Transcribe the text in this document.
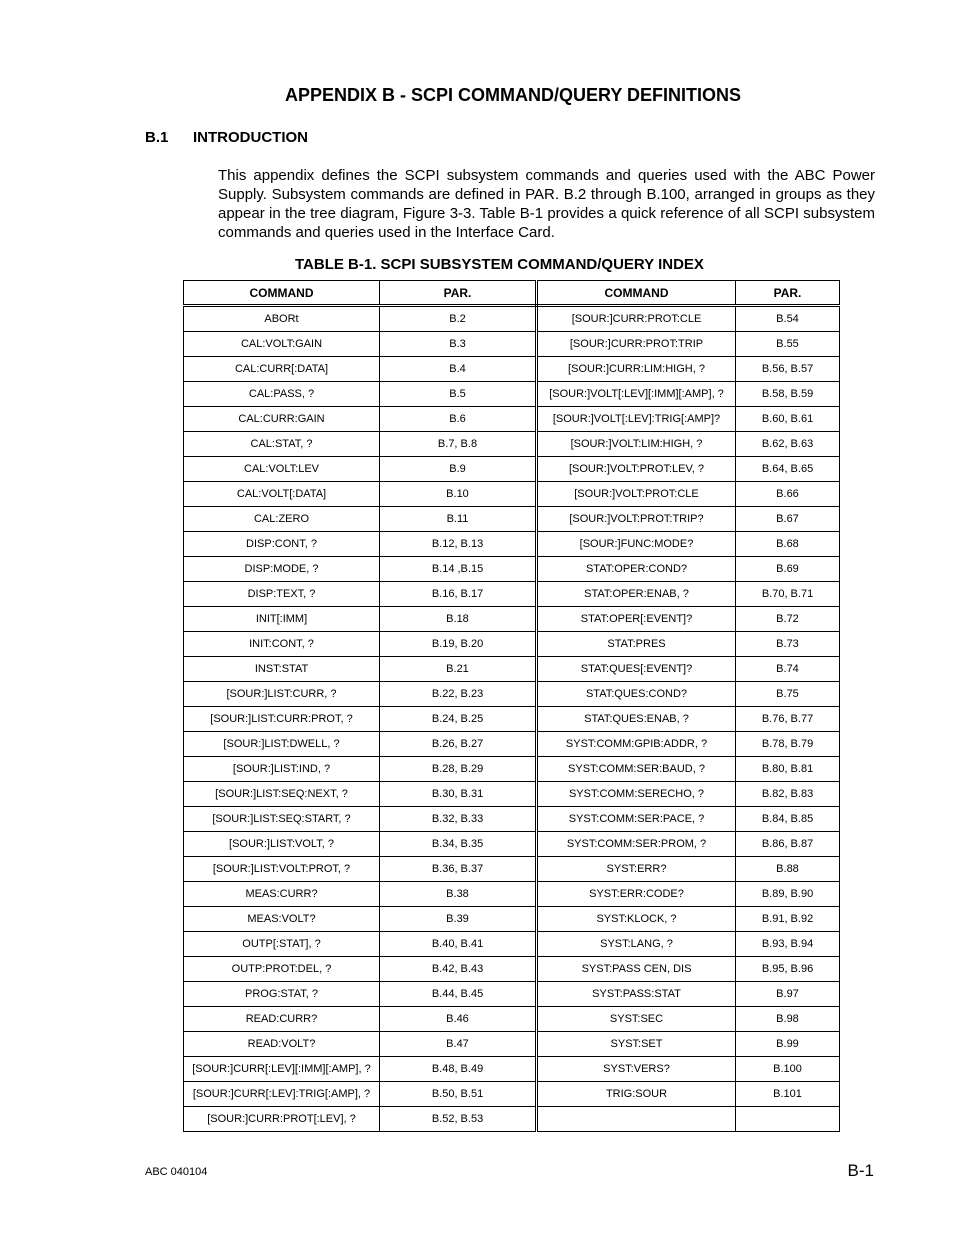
APPENDIX B - SCPI COMMAND/QUERY DEFINITIONS
B.1 INTRODUCTION

This appendix defines the SCPI subsystem commands and queries used with the ABC Power Supply. Subsystem commands are defined in PAR. B.2 through B.100, arranged in groups as they appear in the tree diagram, Figure 3-3. Table B-1 provides a quick reference of all SCPI subsystem commands and queries used in the Interface Card.

TABLE B-1. SCPI SUBSYSTEM COMMAND/QUERY INDEX
COMMAND	PAR.	COMMAND	PAR.
ABORt	B.2	[SOUR:]CURR:PROT:CLE	B.54
CAL:VOLT:GAIN	B.3	[SOUR:]CURR:PROT:TRIP	B.55
CAL:CURR[:DATA]	B.4	[SOUR:]CURR:LIM:HIGH, ?	B.56, B.57
CAL:PASS, ?	B.5	[SOUR:]VOLT[:LEV][:IMM][:AMP], ?	B.58, B.59
CAL:CURR:GAIN	B.6	[SOUR:]VOLT[:LEV]:TRIG[:AMP]?	B.60, B.61
CAL:STAT, ?	B.7, B.8	[SOUR:]VOLT:LIM:HIGH, ?	B.62, B.63
CAL:VOLT:LEV	B.9	[SOUR:]VOLT:PROT:LEV, ?	B.64, B.65
CAL:VOLT[:DATA]	B.10	[SOUR:]VOLT:PROT:CLE	B.66
CAL:ZERO	B.11	[SOUR:]VOLT:PROT:TRIP?	B.67
DISP:CONT, ?	B.12, B.13	[SOUR:]FUNC:MODE?	B.68
DISP:MODE, ?	B.14 ,B.15	STAT:OPER:COND?	B.69
DISP:TEXT, ?	B.16, B.17	STAT:OPER:ENAB, ?	B.70, B.71
INIT[:IMM]	B.18	STAT:OPER[:EVENT]?	B.72
INIT:CONT, ?	B.19, B.20	STAT:PRES	B.73
INST:STAT	B.21	STAT:QUES[:EVENT]?	B.74
[SOUR:]LIST:CURR, ?	B.22, B.23	STAT:QUES:COND?	B.75
[SOUR:]LIST:CURR:PROT, ?	B.24, B.25	STAT:QUES:ENAB, ?	B.76, B.77
[SOUR:]LIST:DWELL, ?	B.26, B.27	SYST:COMM:GPIB:ADDR, ?	B.78, B.79
[SOUR:]LIST:IND, ?	B.28, B.29	SYST:COMM:SER:BAUD, ?	B.80, B.81
[SOUR:]LIST:SEQ:NEXT, ?	B.30, B.31	SYST:COMM:SERECHO, ?	B.82, B.83
[SOUR:]LIST:SEQ:START, ?	B.32, B.33	SYST:COMM:SER:PACE, ?	B.84, B.85
[SOUR:]LIST:VOLT, ?	B.34, B.35	SYST:COMM:SER:PROM, ?	B.86, B.87
[SOUR:]LIST:VOLT:PROT, ?	B.36, B.37	SYST:ERR?	B.88
MEAS:CURR?	B.38	SYST:ERR:CODE?	B.89, B.90
MEAS:VOLT?	B.39	SYST:KLOCK, ?	B.91, B.92
OUTP[:STAT], ?	B.40, B.41	SYST:LANG, ?	B.93, B.94
OUTP:PROT:DEL, ?	B.42, B.43	SYST:PASS CEN, DIS	B.95, B.96
PROG:STAT, ?	B.44, B.45	SYST:PASS:STAT	B.97
READ:CURR?	B.46	SYST:SEC	B.98
READ:VOLT?	B.47	SYST:SET	B.99
[SOUR:]CURR[:LEV][:IMM][:AMP], ?	B.48, B.49	SYST:VERS?	B.100
[SOUR:]CURR[:LEV]:TRIG[:AMP], ?	B.50, B.51	TRIG:SOUR	B.101
[SOUR:]CURR:PROT[:LEV], ?	B.52, B.53		
ABC 040104	B-1
